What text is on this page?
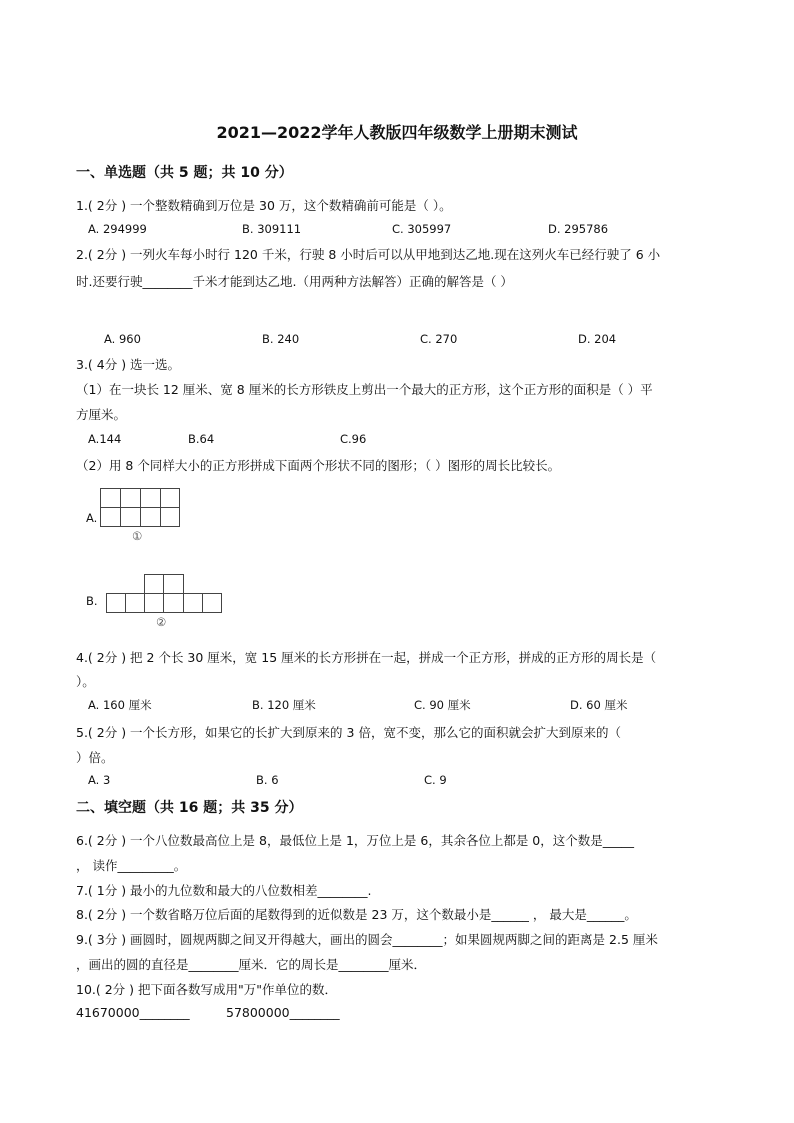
2021—2022学年人教版四年级数学上册期末测试
一、单选题（共 5 题；共 10 分）
1.( 2分 ) 一个整数精确到万位是 30 万，这个数精确前可能是（ ）。
A. 294999	B. 309111	C. 305997	D. 295786
2.( 2分 ) 一列火车每小时行 120 千米，行驶 8 小时后可以从甲地到达乙地.现在这列火车已经行驶了 6 小
时.还要行驶________千米才能到达乙地.（用两种方法解答）正确的解答是（ ）
A. 960	B. 240	C. 270	D. 204
3.( 4分 ) 选一选。
（1）在一块长 12 厘米、宽 8 厘米的长方形铁皮上剪出一个最大的正方形，这个正方形的面积是（ ）平
方厘米。
A.144	B.64	C.96
（2）用 8 个同样大小的正方形拼成下面两个形状不同的图形；（ ）图形的周长比较长。
A.
①
B.
②
4.( 2分 ) 把 2 个长 30 厘米，宽 15 厘米的长方形拼在一起，拼成一个正方形，拼成的正方形的周长是（
）。
A. 160 厘米	B. 120 厘米	C. 90 厘米	D. 60 厘米
5.( 2分 ) 一个长方形，如果它的长扩大到原来的 3 倍，宽不变，那么它的面积就会扩大到原来的（
）倍。
A. 3	B. 6	C. 9
二、填空题（共 16 题；共 35 分）
6.( 2分 ) 一个八位数最高位上是 8，最低位上是 1，万位上是 6，其余各位上都是 0，这个数是_____
， 读作_________。
7.( 1分 ) 最小的九位数和最大的八位数相差________.
8.( 2分 ) 一个数省略万位后面的尾数得到的近似数是 23 万，这个数最小是______ ， 最大是______。
9.( 3分 ) 画圆时，圆规两脚之间叉开得越大，画出的圆会________；如果圆规两脚之间的距离是 2.5 厘米
，画出的圆的直径是________厘米．它的周长是________厘米．
10.( 2分 ) 把下面各数写成用"万"作单位的数．
41670000________	57800000________
